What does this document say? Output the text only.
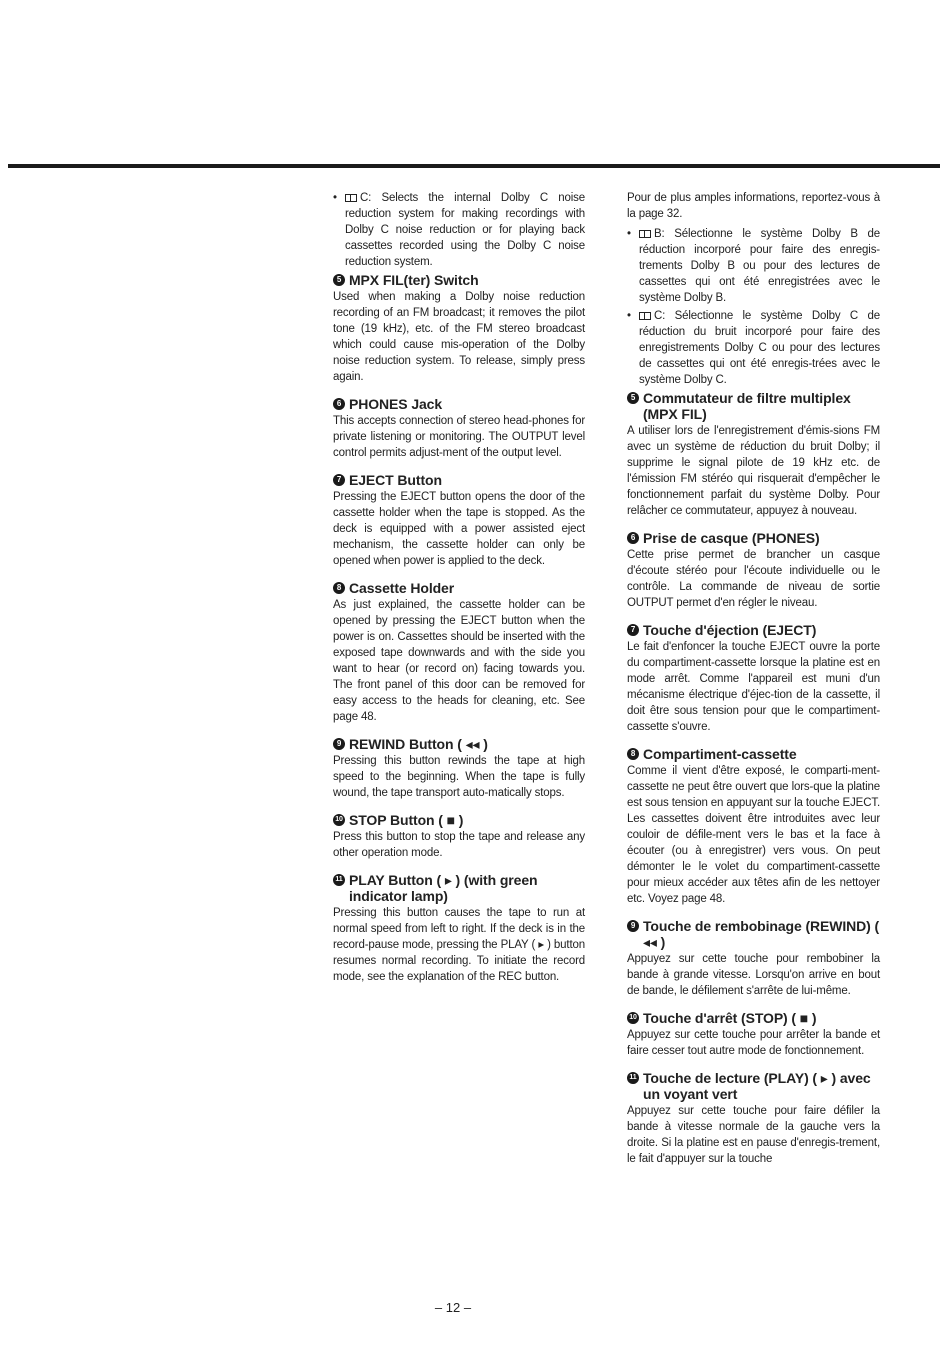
•	C: Selects the internal Dolby C noise reduction system for making recordings with Dolby C noise reduction or for playing back cassettes recorded using the Dolby C noise reduction system.

5 MPX FIL(ter) Switch

Used when making a Dolby noise reduction recording of an FM broadcast; it removes the pilot tone (19 kHz), etc. of the FM stereo broadcast which could cause mis-operation of the Dolby noise reduction system. To release, simply press again.

6 PHONES Jack

This accepts connection of stereo head-phones for private listening or monitoring. The OUTPUT level control permits adjust-ment of the output level.

7 EJECT Button

Pressing the EJECT button opens the door of the cassette holder when the tape is stopped. As the deck is equipped with a power assisted eject mechanism, the cassette holder can only be opened when power is applied to the deck.

8 Cassette Holder

As just explained, the cassette holder can be opened by pressing the EJECT button when the power is on. Cassettes should be inserted with the exposed tape downwards and with the side you want to hear (or record on) facing towards you. The front panel of this door can be removed for easy access to the heads for cleaning, etc. See page 48.

9 REWIND Button ( ◂◂ )

Pressing this button rewinds the tape at high speed to the beginning. When the tape is fully wound, the tape transport auto-matically stops.

10 STOP Button ( ■ )

Press this button to stop the tape and release any other operation mode.

11 PLAY Button ( ▸ ) (with green indicator lamp)

Pressing this button causes the tape to run at normal speed from left to right. If the deck is in the record-pause mode, pressing the PLAY ( ▸ ) button resumes normal recording. To initiate the record mode, see the explanation of the REC button.

Pour de plus amples informations, reportez-vous à la page 32.

•	B: Sélectionne le système Dolby B de réduction incorporé pour faire des enregis-trements Dolby B ou pour des lectures de cassettes qui ont été enregistrées avec le système Dolby B.

•	C: Sélectionne le système Dolby C de réduction du bruit incorporé pour faire des enregistrements Dolby C ou pour des lectures de cassettes qui ont été enregis-trées avec le système Dolby C.

5 Commutateur de filtre multiplex (MPX FIL)

A utiliser lors de l'enregistrement d'émis-sions FM avec un système de réduction du bruit Dolby; il supprime le signal pilote de 19 kHz etc. de l'émission FM stéréo qui risquerait d'empêcher le fonctionnement parfait du système Dolby. Pour relâcher ce commutateur, appuyez à nouveau.

6 Prise de casque (PHONES)

Cette prise permet de brancher un casque d'écoute stéréo pour l'écoute individuelle ou le contrôle. La commande de niveau de sortie OUTPUT permet d'en régler le niveau.

7 Touche d'éjection (EJECT)

Le fait d'enfoncer la touche EJECT ouvre la porte du compartiment-cassette lorsque la platine est en mode arrêt. Comme l'appareil est muni d'un mécanisme électrique d'éjec-tion de la cassette, il doit être sous tension pour que le compartiment-cassette s'ouvre.

8 Compartiment-cassette

Comme il vient d'être exposé, le comparti-ment-cassette ne peut être ouvert que lors-que la platine est sous tension en appuyant sur la touche EJECT. Les cassettes doivent être introduites avec leur couloir de défile-ment vers le bas et la face à écouter (ou à enregistrer) vers vous. On peut démonter le le volet du compartiment-cassette pour mieux accéder aux têtes afin de les nettoyer etc. Voyez page 48.

9 Touche de rembobinage (REWIND) ( ◂◂ )

Appuyez sur cette touche pour rembobiner la bande à grande vitesse. Lorsqu'on arrive en bout de bande, le défilement s'arrête de lui-même.

10 Touche d'arrêt (STOP) ( ■ )

Appuyez sur cette touche pour arrêter la bande et faire cesser tout autre mode de fonctionnement.

11 Touche de lecture (PLAY) ( ▸ ) avec un voyant vert

Appuyez sur cette touche pour faire défiler la bande à vitesse normale de la gauche vers la droite. Si la platine est en pause d'enregis-trement, le fait d'appuyer sur la touche

– 12 –
